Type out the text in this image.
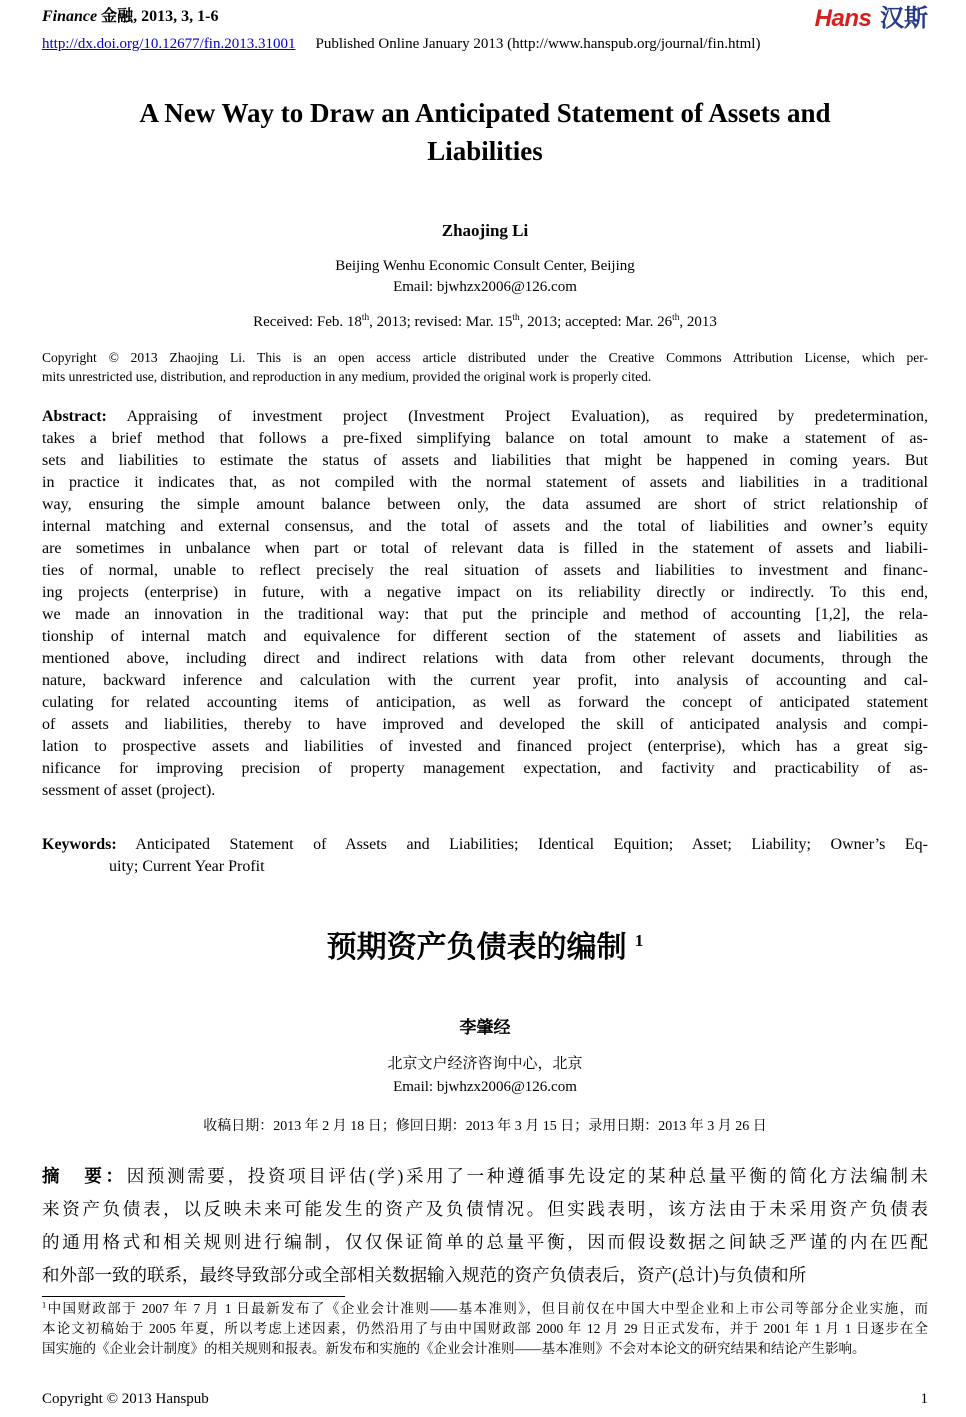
Finance 金融, 2013, 3, 1-6	Hans 汉斯
http://dx.doi.org/10.12677/fin.2013.31001 Published Online January 2013 (http://www.hanspub.org/journal/fin.html)
A New Way to Draw an Anticipated Statement of Assets and Liabilities
Zhaojing Li
Beijing Wenhu Economic Consult Center, Beijing
Email: bjwhzx2006@126.com
Received: Feb. 18th, 2013; revised: Mar. 15th, 2013; accepted: Mar. 26th, 2013
Copyright © 2013 Zhaojing Li. This is an open access article distributed under the Creative Commons Attribution License, which per-
mits unrestricted use, distribution, and reproduction in any medium, provided the original work is properly cited.
Abstract: Appraising of investment project (Investment Project Evaluation), as required by predetermination,
takes a brief method that follows a pre-fixed simplifying balance on total amount to make a statement of as-
sets and liabilities to estimate the status of assets and liabilities that might be happened in coming years. But
in practice it indicates that, as not compiled with the normal statement of assets and liabilities in a traditional
way, ensuring the simple amount balance between only, the data assumed are short of strict relationship of
internal matching and external consensus, and the total of assets and the total of liabilities and owner’s equity
are sometimes in unbalance when part or total of relevant data is filled in the statement of assets and liabili-
ties of normal, unable to reflect precisely the real situation of assets and liabilities to investment and financ-
ing projects (enterprise) in future, with a negative impact on its reliability directly or indirectly. To this end,
we made an innovation in the traditional way: that put the principle and method of accounting [1,2], the rela-
tionship of internal match and equivalence for different section of the statement of assets and liabilities as
mentioned above, including direct and indirect relations with data from other relevant documents, through the
nature, backward inference and calculation with the current year profit, into analysis of accounting and cal-
culating for related accounting items of anticipation, as well as forward the concept of anticipated statement
of assets and liabilities, thereby to have improved and developed the skill of anticipated analysis and compi-
lation to prospective assets and liabilities of invested and financed project (enterprise), which has a great sig-
nificance for improving precision of property management expectation, and factivity and practicability of as-
sessment of asset (project).
Keywords: Anticipated Statement of Assets and Liabilities; Identical Equition; Asset; Liability; Owner’s Eq-
uity; Current Year Profit
预期资产负债表的编制 $^1$
李肇经
北京文户经济咨询中心，北京
Email: bjwhzx2006@126.com
收稿日期：2013 年 2 月 18 日；修回日期：2013 年 3 月 15 日；录用日期：2013 年 3 月 26 日
摘　要：因预测需要，投资项目评估(学)采用了一种遵循事先设定的某种总量平衡的简化方法编制未
来资产负债表，以反映未来可能发生的资产及负债情况。但实践表明，该方法由于未采用资产负债表
的通用格式和相关规则进行编制，仅仅保证简单的总量平衡，因而假设数据之间缺乏严谨的内在匹配
和外部一致的联系，最终导致部分或全部相关数据输入规范的资产负债表后，资产(总计)与负债和所
$^1$中国财政部于 2007 年 7 月 1 日最新发布了《企业会计准则——基本准则》，但目前仅在中国大中型企业和上市公司等部分企业实施，而
本论文初稿始于 2005 年夏，所以考虑上述因素，仍然沿用了与由中国财政部 2000 年 12 月 29 日正式发布，并于 2001 年 1 月 1 日逐步在全
国实施的《企业会计制度》的相关规则和报表。新发布和实施的《企业会计准则——基本准则》不会对本论文的研究结果和结论产生影响。
Copyright © 2013 Hanspub	1
